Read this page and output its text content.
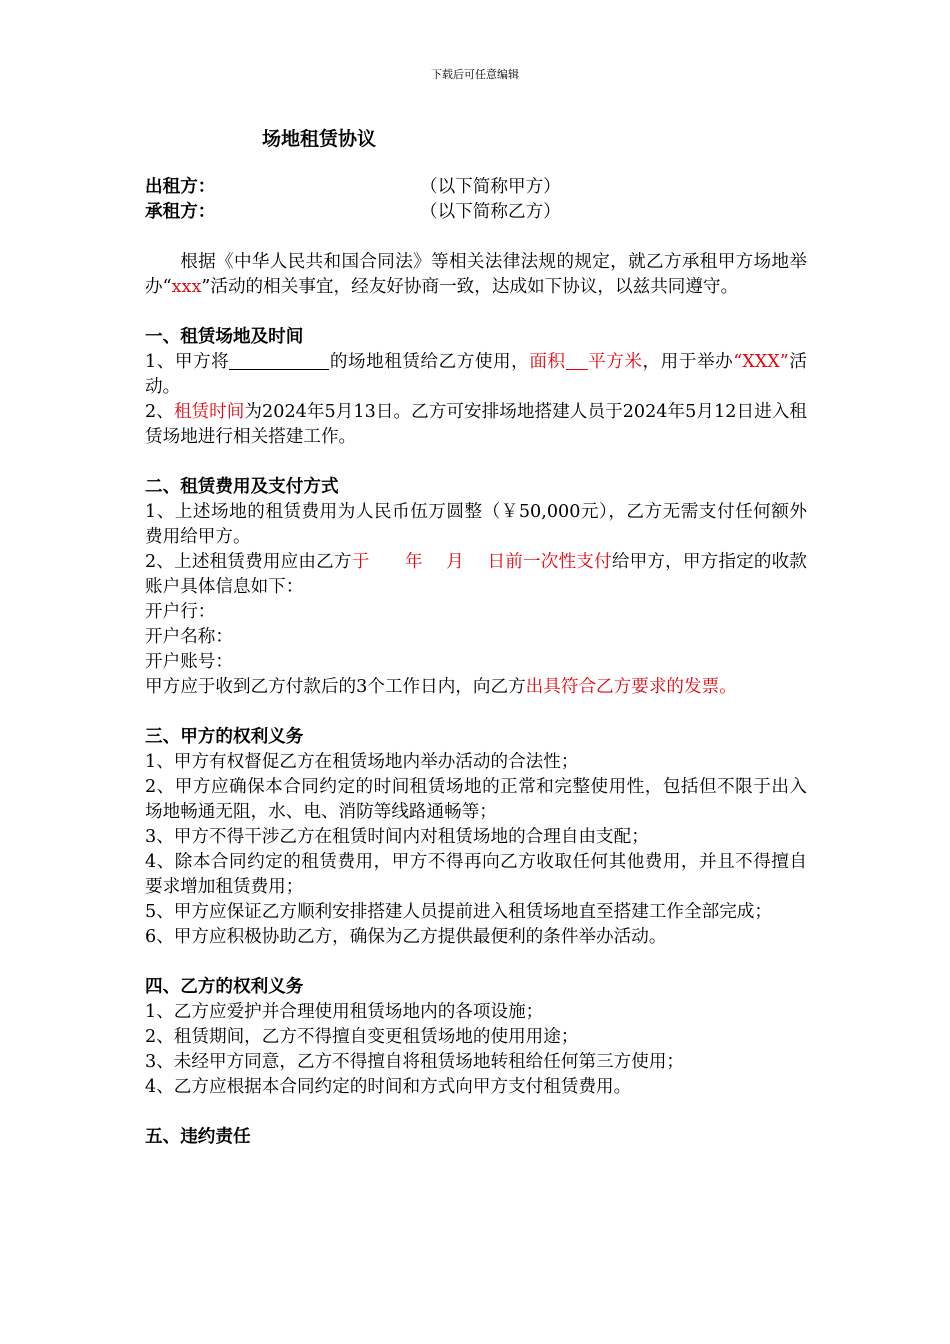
下载后可任意编辑
场地租赁协议
出租方：	（以下简称甲方）
承租方：	（以下简称乙方）

根据《中华人民共和国合同法》等相关法律法规的规定，就乙方承租甲方场地举办“xxx”活动的相关事宜，经友好协商一致，达成如下协议，以兹共同遵守。

一、租赁场地及时间

1、甲方将	的场地租赁给乙方使用，面积 平方米，用于举办“XXX”活动。

2、租赁时间为2024年5月13日。乙方可安排场地搭建人员于2024年5月12日进入租赁场地进行相关搭建工作。

二、租赁费用及支付方式

1、上述场地的租赁费用为人民币伍万圆整（￥50,000元），乙方无需支付任何额外费用给甲方。

2、上述租赁费用应由乙方于　　年　 月　 日前一次性支付给甲方，甲方指定的收款账户具体信息如下：

开户行：

开户名称：

开户账号：

甲方应于收到乙方付款后的3个工作日内，向乙方出具符合乙方要求的发票。

三、甲方的权利义务

1、甲方有权督促乙方在租赁场地内举办活动的合法性；

2、甲方应确保本合同约定的时间租赁场地的正常和完整使用性，包括但不限于出入场地畅通无阻，水、电、消防等线路通畅等；

3、甲方不得干涉乙方在租赁时间内对租赁场地的合理自由支配；

4、除本合同约定的租赁费用，甲方不得再向乙方收取任何其他费用，并且不得擅自要求增加租赁费用；

5、甲方应保证乙方顺利安排搭建人员提前进入租赁场地直至搭建工作全部完成；

6、甲方应积极协助乙方，确保为乙方提供最便利的条件举办活动。

四、乙方的权利义务

1、乙方应爱护并合理使用租赁场地内的各项设施；

2、租赁期间，乙方不得擅自变更租赁场地的使用用途；

3、未经甲方同意，乙方不得擅自将租赁场地转租给任何第三方使用；

4、乙方应根据本合同约定的时间和方式向甲方支付租赁费用。

五、违约责任
